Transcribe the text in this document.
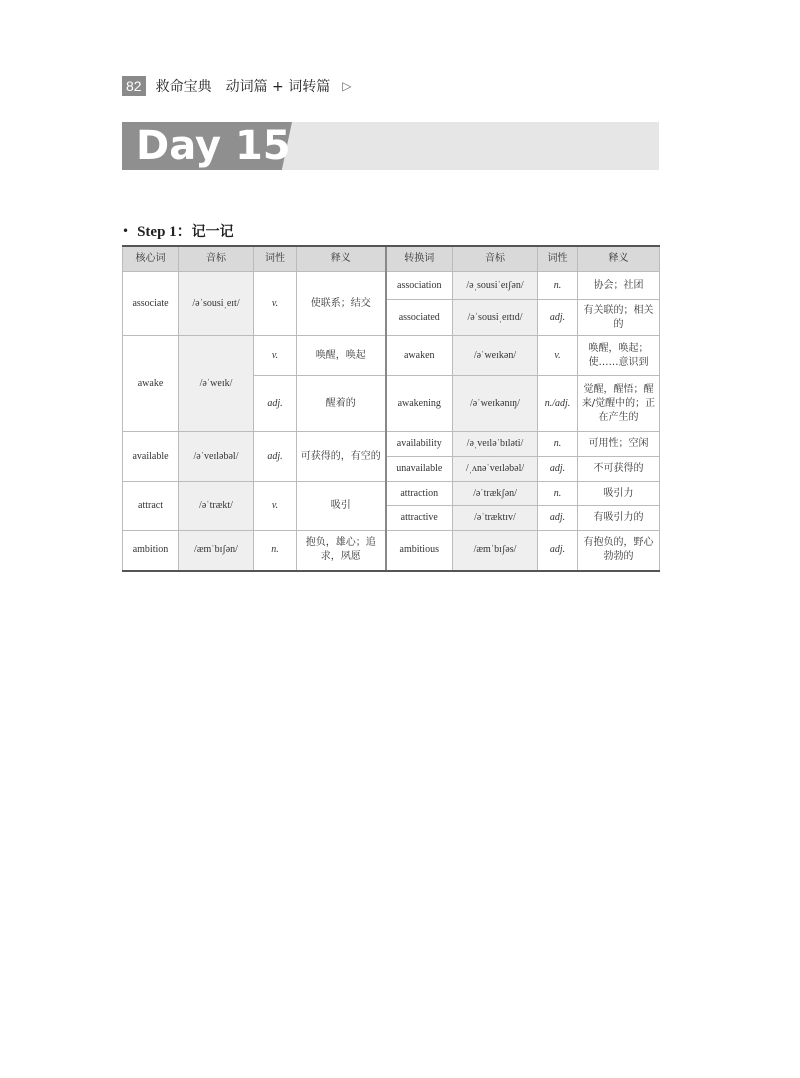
82 救命宝典 动词篇 + 词转篇 ▷
Day 15
• Step 1： 记一记
核心词	音标	词性	释义	转换词	音标	词性	释义
associate	/əˈsousiˌeɪt/	v.	使联系；结交	association	/əˌsousiˈeɪʃən/	n.	协会；社团
				associated	/əˈsousiˌeɪtɪd/	adj.	有关联的；相关的
awake	/əˈweɪk/	v.	唤醒，唤起	awaken	/əˈweɪkən/	v.	唤醒，唤起；使……意识到
		adj.	醒着的	awakening	/əˈweɪkənɪŋ/	n./adj.	觉醒，醒悟；醒来/觉醒中的；正在产生的
available	/əˈveɪləbəl/	adj.	可获得的，有空的	availability	/əˌveɪləˈbɪləti/	n.	可用性；空闲
				unavailable	/ˌʌnəˈveɪləbəl/	adj.	不可获得的
attract	/əˈtrækt/	v.	吸引	attraction	/əˈtrækʃən/	n.	吸引力
				attractive	/əˈtræktɪv/	adj.	有吸引力的
ambition	/æmˈbɪʃən/	n.	抱负，雄心；追求，夙愿	ambitious	/æmˈbɪʃəs/	adj.	有抱负的，野心勃勃的
